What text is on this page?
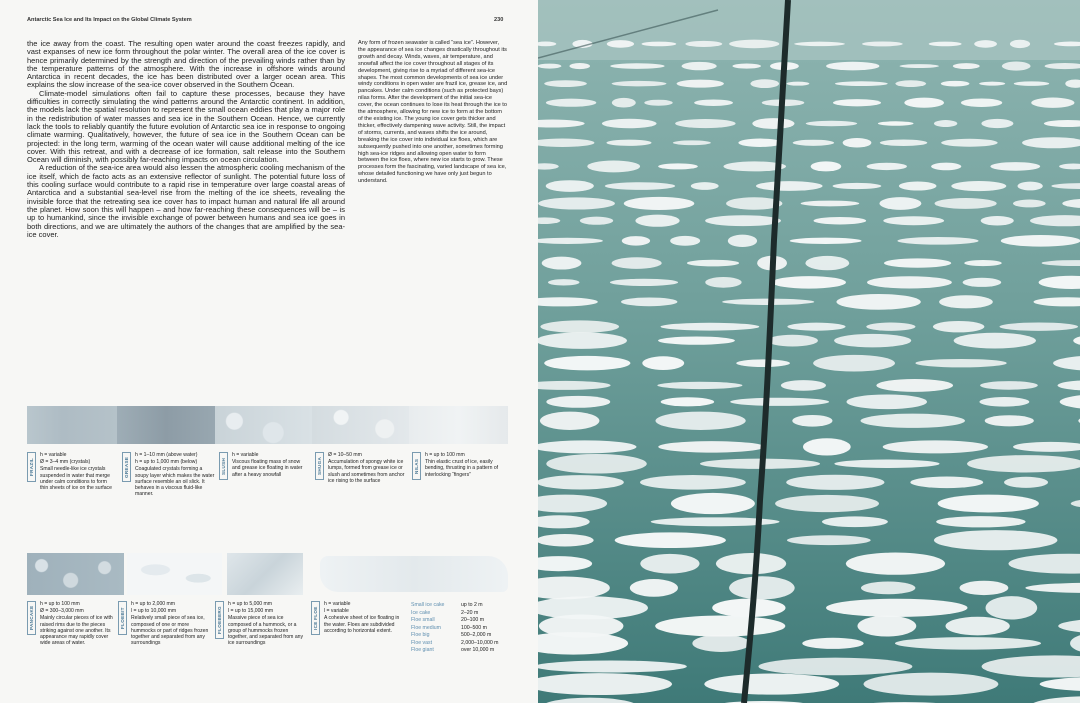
Antarctic Sea Ice and Its Impact on the Global Climate System	230

the ice away from the coast. The resulting open water around the coast freezes rapidly, and vast expanses of new ice form throughout the polar winter. The overall area of the ice cover is hence primarily determined by the strength and direction of the prevailing winds rather than by the temperature patterns of the atmosphere. With the increase in offshore winds around Antarctica in recent decades, the ice has been distributed over a larger ocean area. This explains the slow increase of the sea-ice cover observed in the Southern Ocean.

Climate-model simulations often fail to capture these processes, because they have difficulties in correctly simulating the wind patterns around the Antarctic continent. In addition, the models lack the spatial resolution to represent the small ocean eddies that play a major role in the redistribution of water masses and sea ice in the Southern Ocean. Hence, we currently lack the tools to reliably quantify the future evolution of Antarctic sea ice in response to ongoing climate warming. Qualitatively, however, the future of sea ice in the Southern Ocean can be projected: in the long term, warming of the ocean water will cause additional melting of the ice cover. With this retreat, and with a decrease of ice formation, salt release into the Southern Ocean will diminish, with possibly far-reaching impacts on ocean circulation.

A reduction of the sea-ice area would also lessen the atmospheric cooling mechanism of the ice itself, which de facto acts as an extensive reflector of sunlight. The potential future loss of this cooling surface would contribute to a rapid rise in temperature over large coastal areas of Antarctica and a substantial sea-level rise from the melting of the ice sheets, revealing the invisible force that the retreating sea ice cover has to impact human and natural life all around the planet. How soon this will happen – and how far-reaching these consequences will be – is up to humankind, since the invisible exchange of power between humans and sea ice goes in both directions, and we are ultimately the authors of the changes that are amplified by the sea-ice cover.

Any form of frozen seawater is called “sea ice”. However, the appearance of sea ice changes drastically throughout its growth and decay. Winds, waves, air temperature, and snowfall affect the ice cover throughout all stages of its development, giving rise to a myriad of different sea-ice shapes. The most common developments of sea ice under windy conditions in open water are frazil ice, grease ice, and pancakes. Under calm conditions (such as protected bays) nilas forms. After the development of the initial sea-ice cover, the ocean continues to lose its heat through the ice to the atmosphere, allowing for new ice to form at the bottom of the existing ice. The young ice cover gets thicker and thicker, effectively dampening wave activity. Still, the impact of storms, currents, and waves shifts the ice around, breaking the ice cover into individual ice floes, which are subsequently pushed into one another, sometimes forming high sea-ice ridges and allowing open water to form between the ice floes, where new ice starts to grow. These processes form the fascinating, varied landscape of sea ice, whose detailed functioning we have only just begun to understand.
FRAZIL
h = variable
Ø = 3–4 mm (crystals)
Small needle-like ice crystals suspended in water that merge under calm conditions to form thin sheets of ice on the surface
GREASE
h = 1–10 mm (above water)
h = up to 1,000 mm (below)
Coagulated crystals forming a soupy layer which makes the water surface resemble an oil slick. It behaves in a viscous fluid-like manner.
SLUSH
h = variable
Viscous floating mass of snow and grease ice floating in water after a heavy snowfall	SHUGA
Ø = 10–50 mm
Accumulation of spongy white ice lumps, formed from grease ice or slush and sometimes from anchor ice rising to the surface
NILAS
h = up to 100 mm
Thin elastic crust of ice, easily bending, thrusting in a pattern of interlocking “fingers”
PANCAKE
h = up to 100 mm
Ø = 300–3,000 mm
Mainly circular pieces of ice with raised rims due to the pieces striking against one another. Its appearance may rapidly cover wide areas of water.
FLOEBIT
h = up to 2,000 mm
l = up to 10,000 mm
Relatively small piece of sea ice, composed of one or more hummocks or part of ridges frozen together and separated from any surroundings
FLOEBERG
h = up to 5,000 mm
l = up to 15,000 mm
Massive piece of sea ice composed of a hummock, or a group of hummocks frozen together, and separated from any ice surroundings
ICE FLOE
h = variable
l = variable
A cohesive sheet of ice floating in the water. Floes are subdivided according to horizontal extent.
Small ice cake	up to 2 m
Ice cake	2–20 m
Floe small	20–100 m
Floe medium	100–500 m
Floe big	500–2,000 m
Floe vast	2,000–10,000 m
Floe giant	over 10,000 m
